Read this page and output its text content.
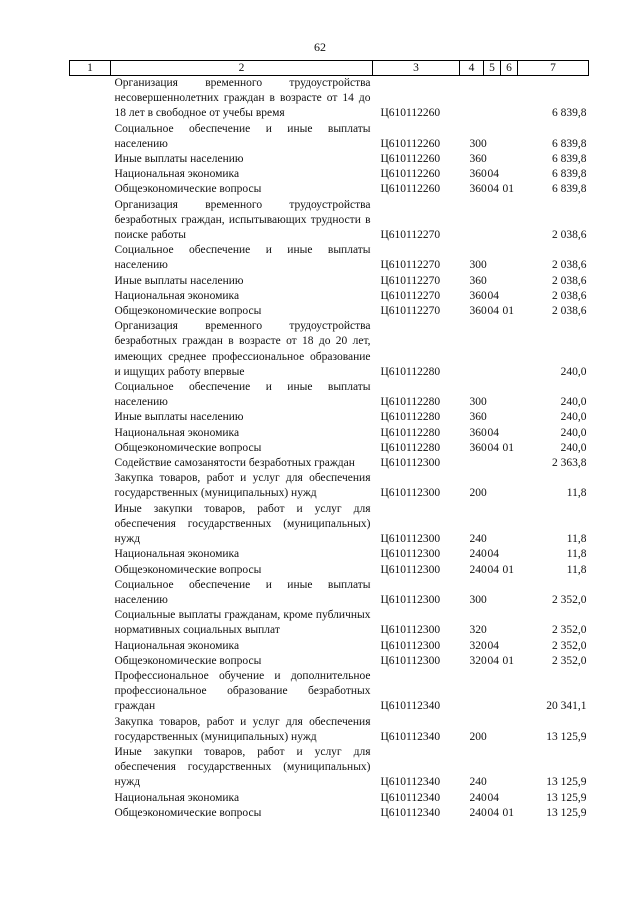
62
1	2	3	4	5	6	7
	Организация временного трудоустройства несовершеннолетних граждан в возрасте от 14 до 18 лет в свободное от учебы время	Ц610112260				6 839,8
	Социальное обеспечение и иные выплаты населению	Ц610112260	300			6 839,8
	Иные выплаты населению	Ц610112260	360			6 839,8
	Национальная экономика	Ц610112260	360	04		6 839,8
	Общеэкономические вопросы	Ц610112260	360	04	01	6 839,8
	Организация временного трудоустройства безработных граждан, испытывающих трудности в поиске работы	Ц610112270				2 038,6
	Социальное обеспечение и иные выплаты населению	Ц610112270	300			2 038,6
	Иные выплаты населению	Ц610112270	360			2 038,6
	Национальная экономика	Ц610112270	360	04		2 038,6
	Общеэкономические вопросы	Ц610112270	360	04	01	2 038,6
	Организация временного трудоустройства безработных граждан в возрасте от 18 до 20 лет, имеющих среднее профессиональное образование и ищущих работу впервые	Ц610112280				240,0
	Социальное обеспечение и иные выплаты населению	Ц610112280	300			240,0
	Иные выплаты населению	Ц610112280	360			240,0
	Национальная экономика	Ц610112280	360	04		240,0
	Общеэкономические вопросы	Ц610112280	360	04	01	240,0
	Содействие самозанятости безработных граждан	Ц610112300				2 363,8
	Закупка товаров, работ и услуг для обеспечения государственных (муниципальных) нужд	Ц610112300	200			11,8
	Иные закупки товаров, работ и услуг для обеспечения государственных (муниципальных) нужд	Ц610112300	240			11,8
	Национальная экономика	Ц610112300	240	04		11,8
	Общеэкономические вопросы	Ц610112300	240	04	01	11,8
	Социальное обеспечение и иные выплаты населению	Ц610112300	300			2 352,0
	Социальные выплаты гражданам, кроме публичных нормативных социальных выплат	Ц610112300	320			2 352,0
	Национальная экономика	Ц610112300	320	04		2 352,0
	Общеэкономические вопросы	Ц610112300	320	04	01	2 352,0
	Профессиональное обучение и дополнительное профессиональное образование безработных граждан	Ц610112340				20 341,1
	Закупка товаров, работ и услуг для обеспечения государственных (муниципальных) нужд	Ц610112340	200			13 125,9
	Иные закупки товаров, работ и услуг для обеспечения государственных (муниципальных) нужд	Ц610112340	240			13 125,9
	Национальная экономика	Ц610112340	240	04		13 125,9
	Общеэкономические вопросы	Ц610112340	240	04	01	13 125,9
